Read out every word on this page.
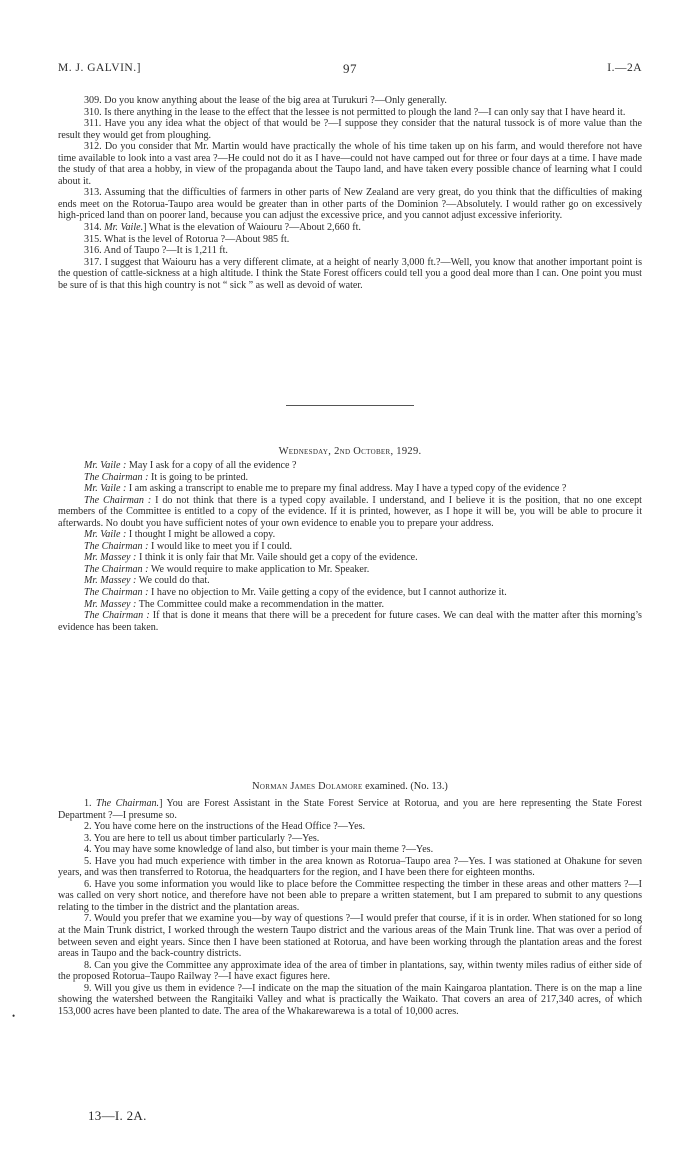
M. J. GALVIN.]	97	I.—2A

309. Do you know anything about the lease of the big area at Turukuri ?—Only generally.

310. Is there anything in the lease to the effect that the lessee is not permitted to plough the land ?—I can only say that I have heard it.

311. Have you any idea what the object of that would be ?—I suppose they consider that the natural tussock is of more value than the result they would get from ploughing.

312. Do you consider that Mr. Martin would have practically the whole of his time taken up on his farm, and would therefore not have time available to look into a vast area ?—He could not do it as I have—could not have camped out for three or four days at a time. I have made the study of that area a hobby, in view of the propaganda about the Taupo land, and have taken every possible chance of learning what I could about it.

313. Assuming that the difficulties of farmers in other parts of New Zealand are very great, do you think that the difficulties of making ends meet on the Rotorua-Taupo area would be greater than in other parts of the Dominion ?—Absolutely. I would rather go on excessively high-priced land than on poorer land, because you can adjust the excessive price, and you cannot adjust excessive inferiority.

314. Mr. Vaile.] What is the elevation of Waiouru ?—About 2,660 ft.

315. What is the level of Rotorua ?—About 985 ft.

316. And of Taupo ?—It is 1,211 ft.

317. I suggest that Waiouru has a very different climate, at a height of nearly 3,000 ft.?—Well, you know that another important point is the question of cattle-sickness at a high altitude. I think the State Forest officers could tell you a good deal more than I can. One point you must be sure of is that this high country is not “ sick ” as well as devoid of water.

Wednesday, 2nd October, 1929.

Mr. Vaile : May I ask for a copy of all the evidence ?

The Chairman : It is going to be printed.

Mr. Vaile : I am asking a transcript to enable me to prepare my final address. May I have a typed copy of the evidence ?

The Chairman : I do not think that there is a typed copy available. I understand, and I believe it is the position, that no one except members of the Committee is entitled to a copy of the evidence. If it is printed, however, as I hope it will be, you will be able to procure it afterwards. No doubt you have sufficient notes of your own evidence to enable you to prepare your address.

Mr. Vaile : I thought I might be allowed a copy.

The Chairman : I would like to meet you if I could.

Mr. Massey : I think it is only fair that Mr. Vaile should get a copy of the evidence.

The Chairman : We would require to make application to Mr. Speaker.

Mr. Massey : We could do that.

The Chairman : I have no objection to Mr. Vaile getting a copy of the evidence, but I cannot authorize it.

Mr. Massey : The Committee could make a recommendation in the matter.

The Chairman : If that is done it means that there will be a precedent for future cases. We can deal with the matter after this morning’s evidence has been taken.

Norman James Dolamore examined. (No. 13.)

1. The Chairman.] You are Forest Assistant in the State Forest Service at Rotorua, and you are here representing the State Forest Department ?—I presume so.

2. You have come here on the instructions of the Head Office ?—Yes.

3. You are here to tell us about timber particularly ?—Yes.

4. You may have some knowledge of land also, but timber is your main theme ?—Yes.

5. Have you had much experience with timber in the area known as Rotorua–Taupo area ?—Yes. I was stationed at Ohakune for seven years, and was then transferred to Rotorua, the headquarters for the region, and I have been there for eighteen months.

6. Have you some information you would like to place before the Committee respecting the timber in these areas and other matters ?—I was called on very short notice, and therefore have not been able to prepare a written statement, but I am prepared to submit to any questions relating to the timber in the district and the plantation areas.

7. Would you prefer that we examine you—by way of questions ?—I would prefer that course, if it is in order. When stationed for so long at the Main Trunk district, I worked through the western Taupo district and the various areas of the Main Trunk line. That was over a period of between seven and eight years. Since then I have been stationed at Rotorua, and have been working through the plantation areas and the forest areas in Taupo and the back-country districts.

8. Can you give the Committee any approximate idea of the area of timber in plantations, say, within twenty miles radius of either side of the proposed Rotorua–Taupo Railway ?—I have exact figures here.

9. Will you give us them in evidence ?—I indicate on the map the situation of the main Kaingaroa plantation. There is on the map a line showing the watershed between the Rangitaiki Valley and what is practically the Waikato. That covers an area of 217,340 acres, of which 153,000 acres have been planted to date. The area of the Whakarewarewa is a total of 10,000 acres.

•
13—I. 2A.
